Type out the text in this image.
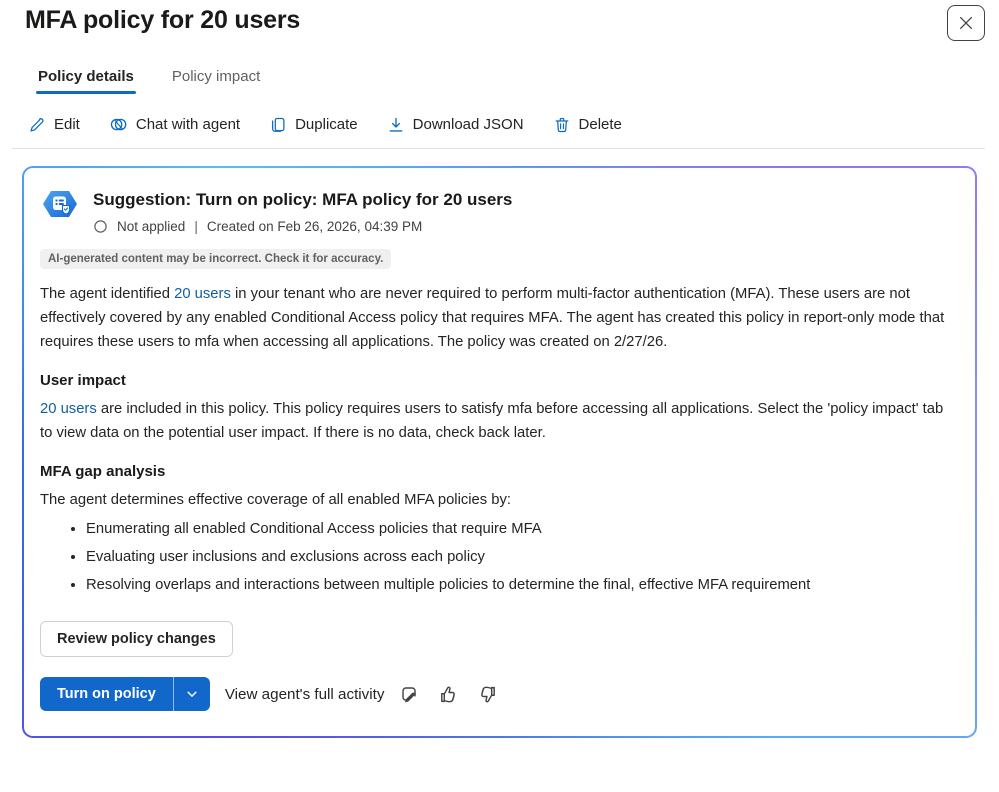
MFA policy for 20 users
Policy details	Policy impact
Edit	Chat with agent	Duplicate	Download JSON	Delete
Suggestion: Turn on policy: MFA policy for 20 users
Not applied | Created on Feb 26, 2026, 04:39 PM
AI-generated content may be incorrect. Check it for accuracy.

The agent identified 20 users in your tenant who are never required to perform multi-factor authentication (MFA). These users are not effectively covered by any enabled Conditional Access policy that requires MFA. The agent has created this policy in report-only mode that requires these users to mfa when accessing all applications. The policy was created on 2/27/26.

User impact

20 users are included in this policy. This policy requires users to satisfy mfa before accessing all applications. Select the 'policy impact' tab to view data on the potential user impact. If there is no data, check back later.

MFA gap analysis

The agent determines effective coverage of all enabled MFA policies by:

• Enumerating all enabled Conditional Access policies that require MFA
• Evaluating user inclusions and exclusions across each policy
• Resolving overlaps and interactions between multiple policies to determine the final, effective MFA requirement
Review policy changes
Turn on policy	View agent's full activity
